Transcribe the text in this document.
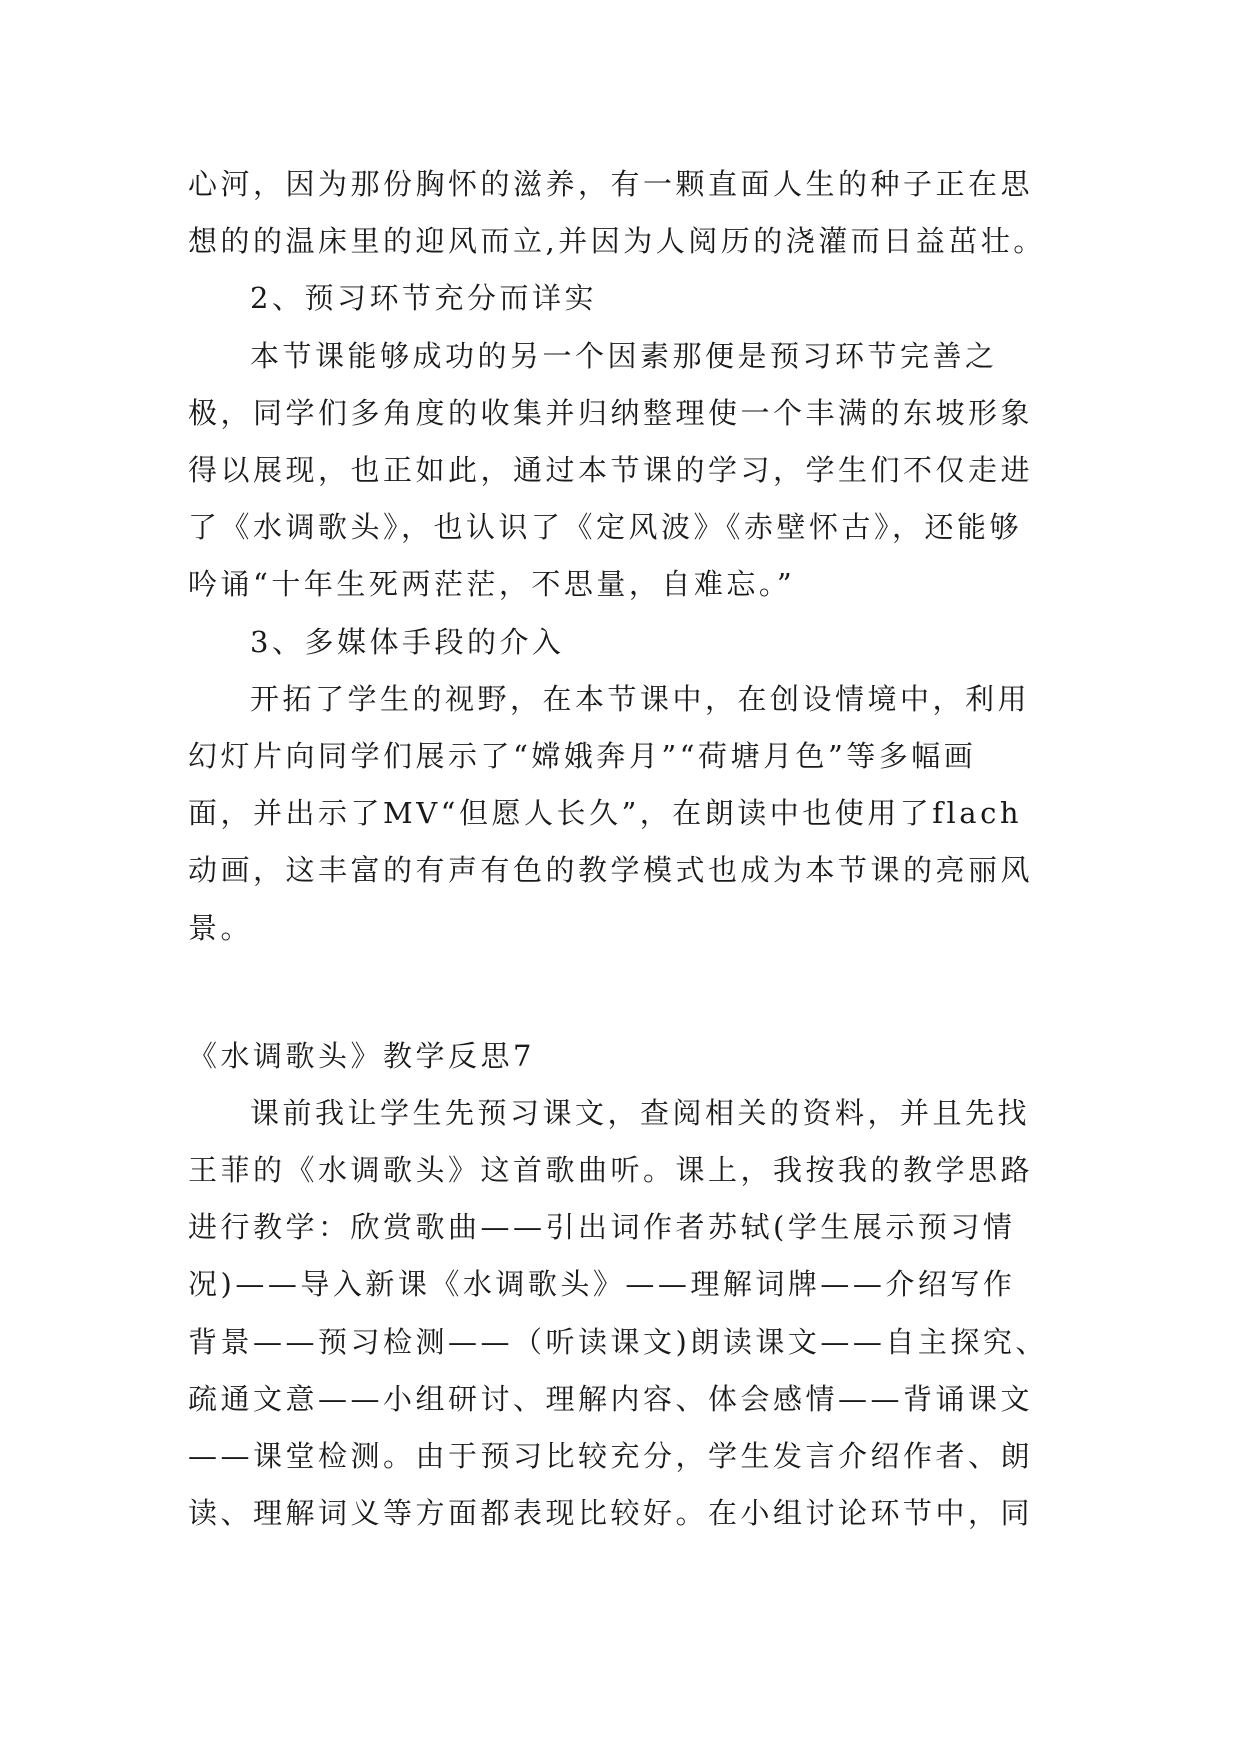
心河，因为那份胸怀的滋养，有一颗直面人生的种子正在思

想的的温床里的迎风而立,并因为人阅历的浇灌而日益茁壮。

2、预习环节充分而详实

本节课能够成功的另一个因素那便是预习环节完善之

极，同学们多角度的收集并归纳整理使一个丰满的东坡形象

得以展现，也正如此，通过本节课的学习，学生们不仅走进

了《水调歌头》，也认识了《定风波》《赤壁怀古》，还能够

吟诵“十年生死两茫茫，不思量，自难忘。”

3、多媒体手段的介入

开拓了学生的视野，在本节课中，在创设情境中，利用

幻灯片向同学们展示了“嫦娥奔月”“荷塘月色”等多幅画

面，并出示了MV“但愿人长久”，在朗读中也使用了flach

动画，这丰富的有声有色的教学模式也成为本节课的亮丽风

景。

《水调歌头》教学反思7

课前我让学生先预习课文，查阅相关的资料，并且先找

王菲的《水调歌头》这首歌曲听。课上，我按我的教学思路

进行教学：欣赏歌曲——引出词作者苏轼(学生展示预习情

况)——导入新课《水调歌头》——理解词牌——介绍写作

背景——预习检测——（听读课文)朗读课文——自主探究、

疏通文意——小组研讨、理解内容、体会感情——背诵课文

——课堂检测。由于预习比较充分，学生发言介绍作者、朗

读、理解词义等方面都表现比较好。在小组讨论环节中，同
